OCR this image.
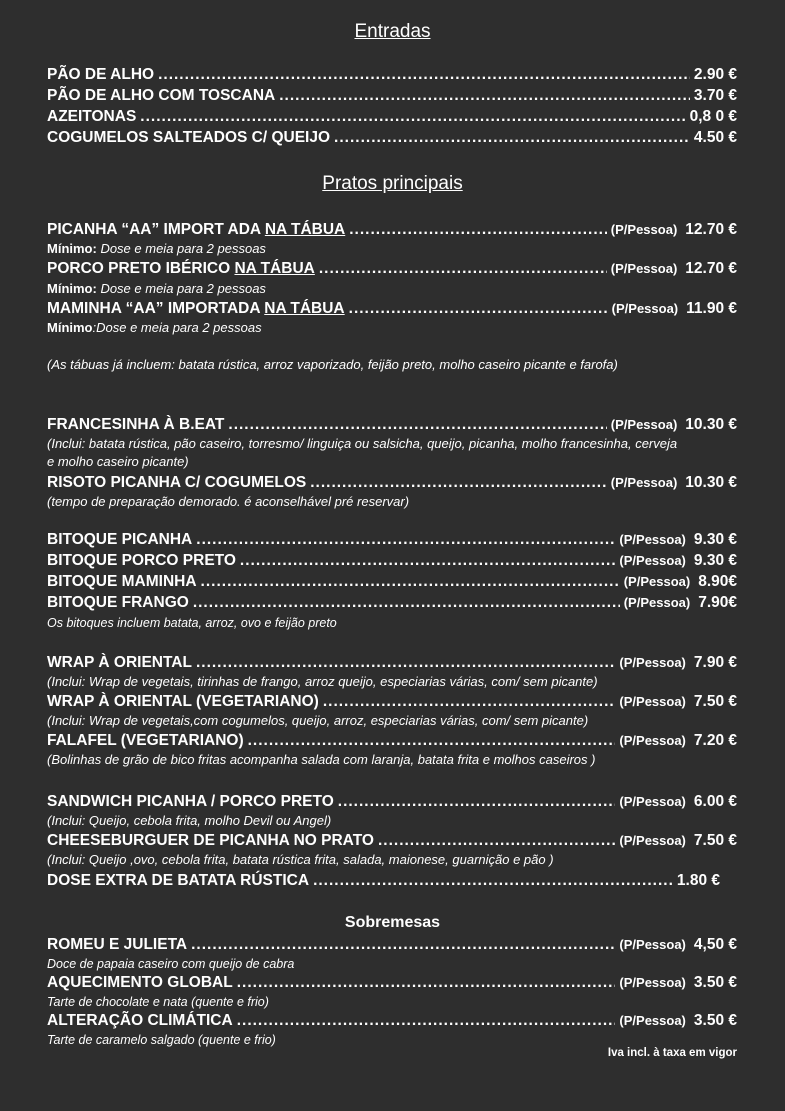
Entradas
PÃO DE ALHO .....	2.90 €
PÃO DE ALHO COM TOSCANA .....	3.70 €
AZEITONAS .....	0,8 0 €
COGUMELOS SALTEADOS C/ QUEIJO .....	4.50 €
Pratos principais
PICANHA “AA” IMPORT ADA NA TÁBUA .....	(P/Pessoa) 12.70 €
Mínimo: Dose e meia para 2 pessoas
PORCO PRETO IBÉRICO NA TÁBUA .....	(P/Pessoa) 12.70 €
Mínimo: Dose e meia para 2 pessoas
MAMINHA “AA” IMPORTADA NA TÁBUA .....	(P/Pessoa) 11.90 €
Mínimo:Dose e meia para 2 pessoas
(As tábuas já incluem: batata rústica, arroz vaporizado, feijão preto, molho caseiro picante e farofa)
FRANCESINHA À B.EAT .....	(P/Pessoa) 10.30 €
(Inclui: batata rústica, pão caseiro, torresmo/ linguiça ou salsicha, queijo, picanha, molho francesinha, cerveja e molho caseiro picante)
RISOTO PICANHA C/ COGUMELOS .....	(P/Pessoa) 10.30 €
(tempo de preparação demorado. é aconselhável pré reservar)
BITOQUE PICANHA .....	(P/Pessoa) 9.30 €
BITOQUE PORCO PRETO .....	(P/Pessoa) 9.30 €
BITOQUE MAMINHA .....	(P/Pessoa) 8.90€
BITOQUE FRANGO .....	(P/Pessoa) 7.90€
Os bitoques incluem batata, arroz, ovo e feijão preto
WRAP À ORIENTAL .....	(P/Pessoa) 7.90 €
(Inclui: Wrap de vegetais, tirinhas de frango, arroz queijo, especiarias várias, com/ sem picante)
WRAP À ORIENTAL (VEGETARIANO) .....	(P/Pessoa) 7.50 €
(Inclui: Wrap de vegetais,com cogumelos, queijo, arroz, especiarias várias, com/ sem picante)
FALAFEL (VEGETARIANO) .....	(P/Pessoa) 7.20 €
(Bolinhas de grão de bico fritas acompanha salada com laranja, batata frita e molhos caseiros )
SANDWICH PICANHA / PORCO PRETO .....	(P/Pessoa) 6.00 €
(Inclui: Queijo, cebola frita, molho Devil ou Angel)
CHEESEBURGUER DE PICANHA NO PRATO .....	(P/Pessoa) 7.50 €
(Inclui: Queijo ,ovo, cebola frita, batata rústica frita, salada, maionese, guarnição e pão )
DOSE EXTRA DE BATATA RÚSTICA .....	1.80 €
Sobremesas
ROMEU E JULIETA .....	(P/Pessoa) 4,50 €
Doce de papaia caseiro com queijo de cabra
AQUECIMENTO GLOBAL .....	(P/Pessoa) 3.50 €
Tarte de chocolate e nata (quente e frio)
ALTERAÇÃO CLIMÁTICA .....	(P/Pessoa) 3.50 €
Tarte de caramelo salgado (quente e frio)
Iva incl. à taxa em vigor
